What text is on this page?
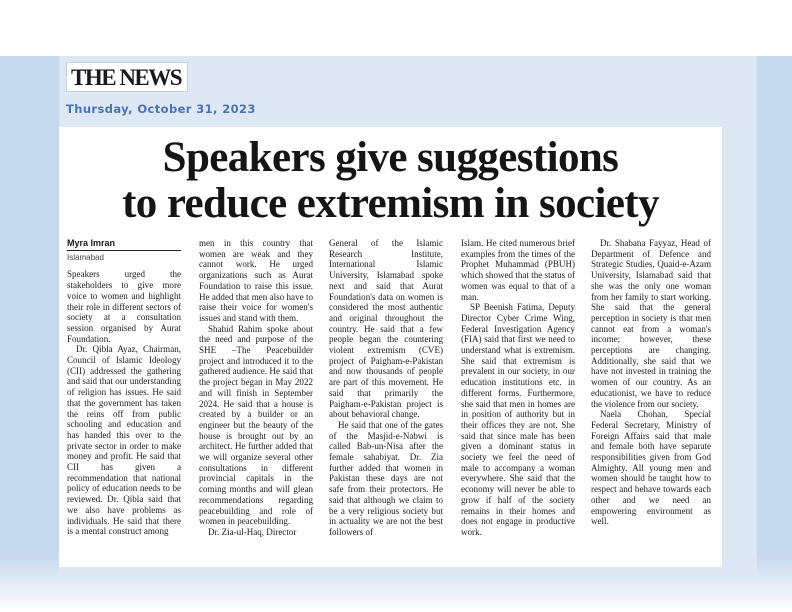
THE NEWS
Thursday, October 31, 2023
Speakers give suggestions
to reduce extremism in society
Myra Imran
Islamabad

Speakers urged the stakeholders to give more voice to women and highlight their role in different sectors of society at a consultation session organised by Aurat Foundation.

Dr. Qibla Ayaz, Chairman, Council of Islamic Ideology (CII) addressed the gathering and said that our understanding of religion has issues. He said that the government has taken the reins off from public schooling and education and has handed this over to the private sector in order to make money and profit. He said that CII has given a recommendation that national policy of education needs to be reviewed. Dr. Qibla said that we also have problems as individuals. He said that there is a mental construct among

men in this country that women are weak and they cannot work. He urged organizations such as Aurat Foundation to raise this issue. He added that men also have to raise their voice for women's issues and stand with them.

Shahid Rahim spoke about the need and purpose of the SHE –The Peacebuilder project and introduced it to the gathered audience. He said that the project began in May 2022 and will finish in September 2024. He said that a house is created by a builder or an engineer but the beauty of the house is brought out by an architect. He further added that we will organize several other consultations in different provincial capitals in the coming months and will glean recommendations regarding peacebuilding and role of women in peacebuilding.

Dr. Zia-ul-Haq, Director

General of the Islamic Research Institute, International Islamic University, Islamabad spoke next and said that Aurat Foundation's data on women is considered the most authentic and original throughout the country. He said that a few people began the countering violent extremism (CVE) project of Paigham-e-Pakistan and now thousands of people are part of this movement. He said that primarily the Paigham-e-Pakistan project is about behavioral change.

He said that one of the gates of the Masjid-e-Nabwi is called Bab-un-Nisa after the female sahabiyat. Dr. Zia further added that women in Pakistan these days are not safe from their protectors. He said that although we claim to be a very religious society but in actuality we are not the best followers of

Islam. He cited numerous brief examples from the times of the Prophet Muhammad (PBUH) which showed that the status of women was equal to that of a man.

SP Beenish Fatima, Deputy Director Cyber Crime Wing, Federal Investigation Agency (FIA) said that first we need to understand what is extremism. She said that extremism is prevalent in our society, in our education institutions etc. in different forms. Furthermore, she said that men in homes are in position of authority but in their offices they are not. She said that since male has been given a dominant status in society we feel the need of male to accompany a woman everywhere. She said that the economy will never be able to grow if half of the society remains in their homes and does not engage in productive work.

Dr. Shabana Fayyaz, Head of Department of Defence and Strategic Studies, Quaid-e-Azam University, Islamabad said that she was the only one woman from her family to start working. She said that the general perception in society is that men cannot eat from a woman's income; however, these perceptions are changing. Additionally, she said that we have not invested in training the women of our country. As an educationist, we have to reduce the violence from our society.

Naela Chohan, Special Federal Secretary, Ministry of Foreign Affairs said that male and female both have separate responsibilities given from God Almighty. All young men and women should be taught how to respect and behave towards each other and we need an empowering environment as well.
